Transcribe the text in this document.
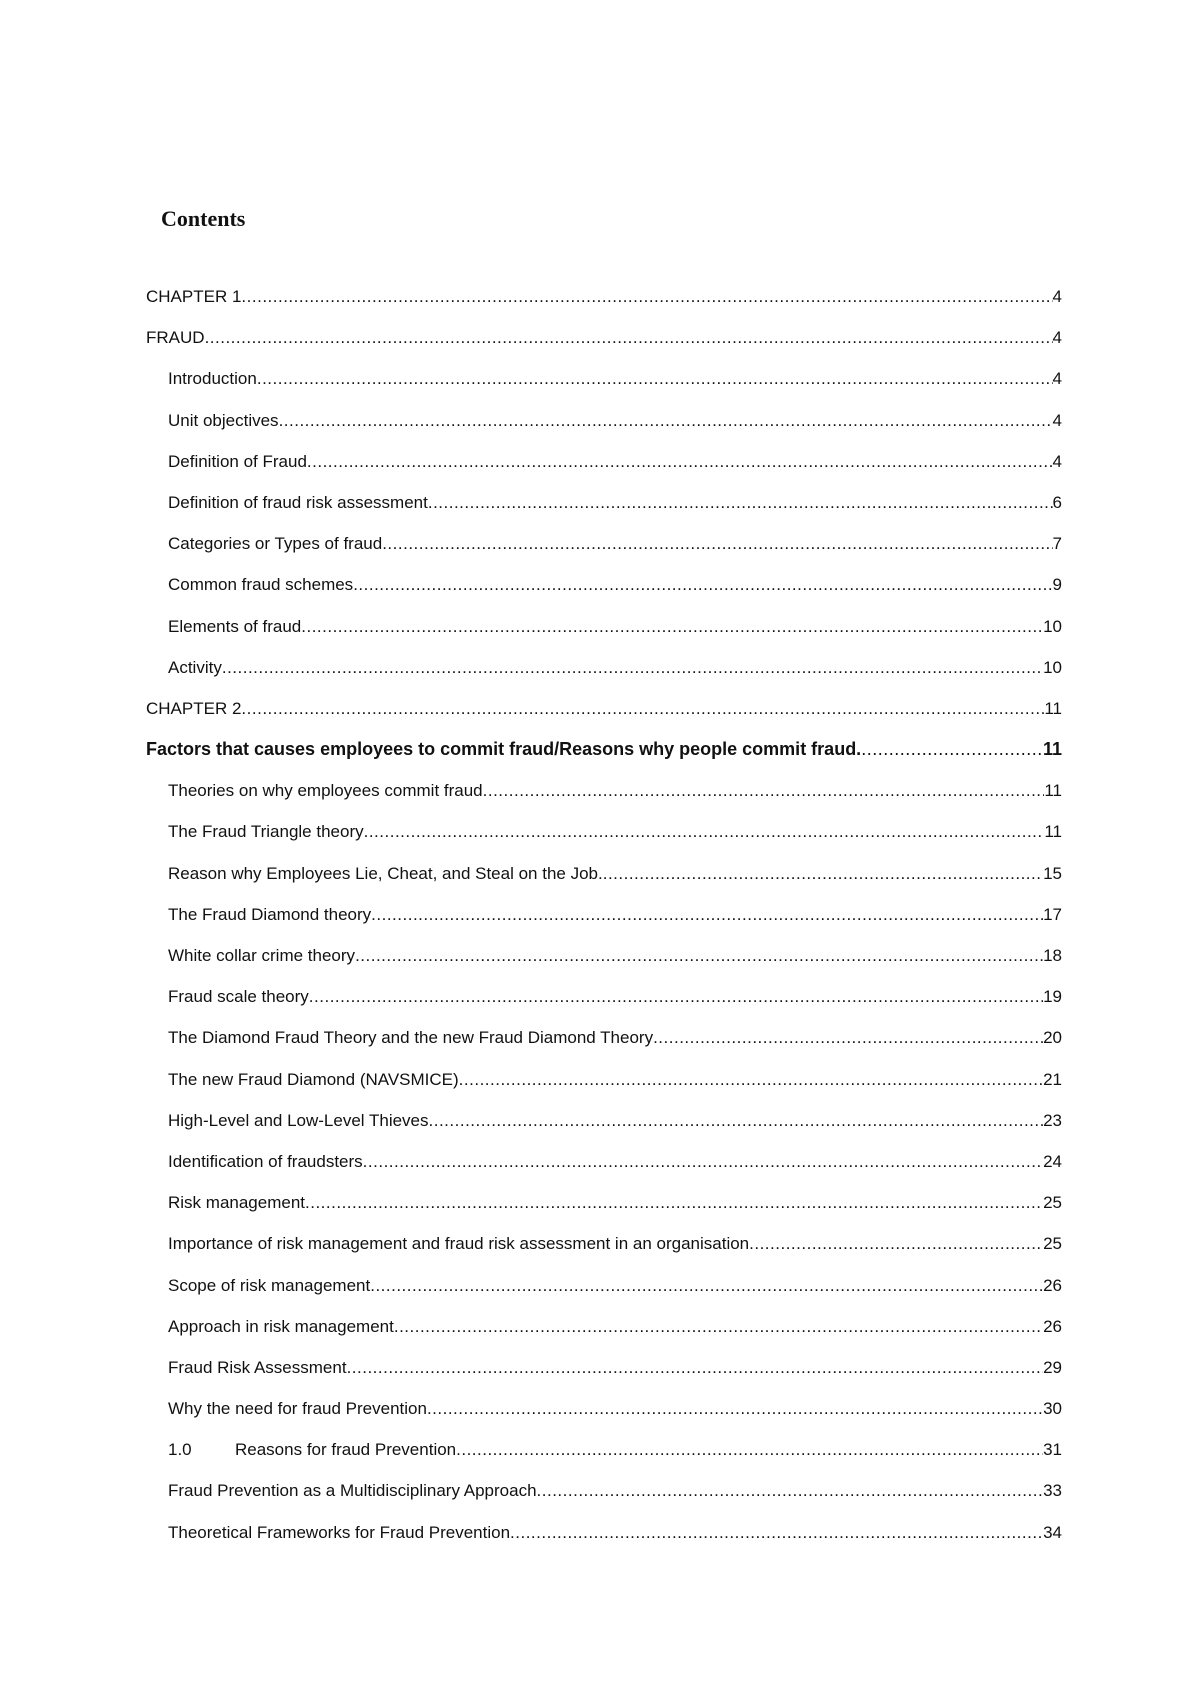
Contents
CHAPTER 1 .....	4
FRAUD .....	4
Introduction .....	4
Unit objectives .....	4
Definition of Fraud .....	4
Definition of fraud risk assessment .....	6
Categories or Types of fraud .....	7
Common fraud schemes .....	9
Elements of fraud .....	10
Activity .....	10
CHAPTER 2 .....	11
Factors that causes employees to commit fraud/Reasons why people commit fraud. .....	11
Theories on why employees commit fraud .....	11
The Fraud Triangle theory .....	11
Reason why Employees Lie, Cheat, and Steal on the Job. .....	15
The Fraud Diamond theory .....	17
White collar crime theory .....	18
Fraud scale theory .....	19
The Diamond Fraud Theory and the new Fraud Diamond Theory .....	20
The new Fraud Diamond (NAVSMICE) .....	21
High-Level and Low-Level Thieves .....	23
Identification of fraudsters .....	24
Risk management .....	25
Importance of risk management and fraud risk assessment in an organisation .....	25
Scope of risk management .....	26
Approach in risk management .....	26
Fraud Risk Assessment .....	29
Why the need for fraud Prevention .....	30
1.0	Reasons for fraud Prevention .....	31
Fraud Prevention as a Multidisciplinary Approach .....	33
Theoretical Frameworks for Fraud Prevention .....	34
